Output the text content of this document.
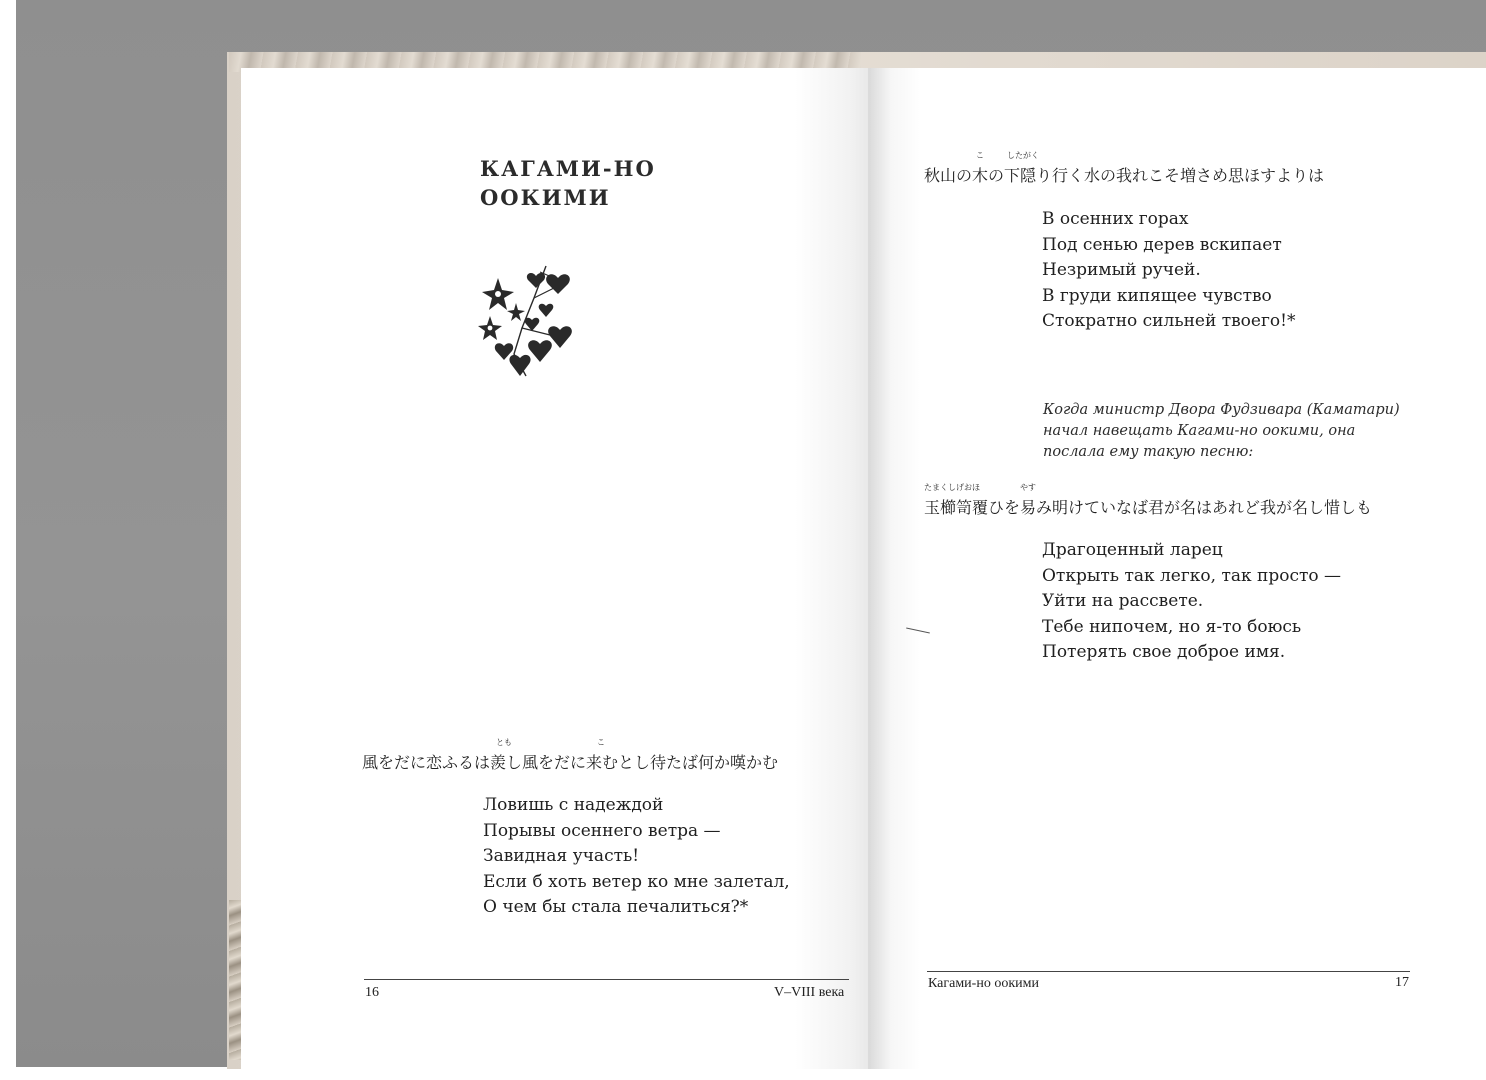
КАГАМИ-НО
ООКИМИ
とも	こ
風をだに恋ふるは羨し風をだに来むとし待たば何か嘆かむ
Ловишь с надеждой
Порывы осеннего ветра —
Завидная участь!
Если б хоть ветер ко мне залетал,
О чем бы стала печалиться?*
16	V–VIII века
こ	したがく
秋山の木の下隠り行く水の我れこそ増さめ思ほすよりは
В осенних горах
Под сенью дерев вскипает
Незримый ручей.
В груди кипящее чувство
Стократно сильней твоего!*
Когда министр Двора Фудзивара (Каматари) начал навещать Кагами-но оокими, она послала ему такую песню:
たまくしげおほ	やす
玉櫛笥覆ひを易み明けていなば君が名はあれど我が名し惜しも
Драгоценный ларец
Открыть так легко, так просто —
Уйти на рассвете.
Тебе нипочем, но я-то боюсь
Потерять свое доброе имя.
Кагами-но оокими	17
